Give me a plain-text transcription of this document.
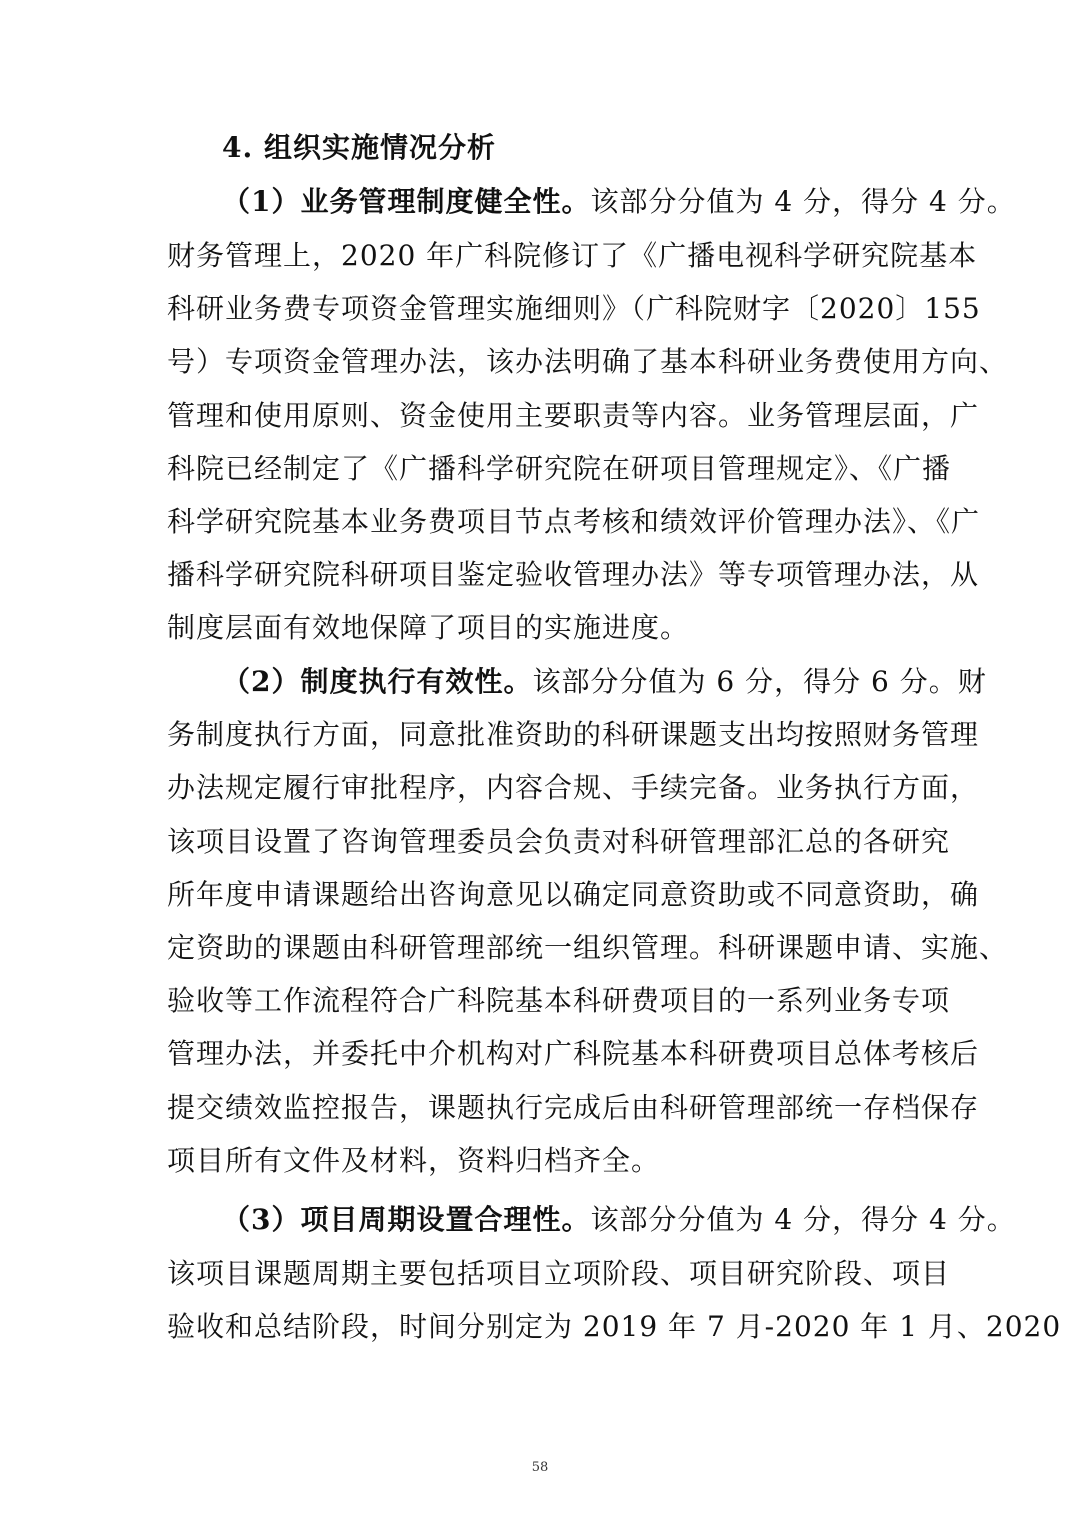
4. 组织实施情况分析
（1）业务管理制度健全性。该部分分值为 4 分，得分 4 分。
财务管理上，2020 年广科院修订了《广播电视科学研究院基本
科研业务费专项资金管理实施细则》（广科院财字〔2020〕155
号）专项资金管理办法，该办法明确了基本科研业务费使用方向、
管理和使用原则、资金使用主要职责等内容。业务管理层面，广
科院已经制定了《广播科学研究院在研项目管理规定》、《广播
科学研究院基本业务费项目节点考核和绩效评价管理办法》、《广
播科学研究院科研项目鉴定验收管理办法》等专项管理办法，从
制度层面有效地保障了项目的实施进度。
（2）制度执行有效性。该部分分值为 6 分，得分 6 分。财
务制度执行方面，同意批准资助的科研课题支出均按照财务管理
办法规定履行审批程序，内容合规、手续完备。业务执行方面，
该项目设置了咨询管理委员会负责对科研管理部汇总的各研究
所年度申请课题给出咨询意见以确定同意资助或不同意资助，确
定资助的课题由科研管理部统一组织管理。科研课题申请、实施、
验收等工作流程符合广科院基本科研费项目的一系列业务专项
管理办法，并委托中介机构对广科院基本科研费项目总体考核后
提交绩效监控报告，课题执行完成后由科研管理部统一存档保存
项目所有文件及材料，资料归档齐全。
（3）项目周期设置合理性。该部分分值为 4 分，得分 4 分。
该项目课题周期主要包括项目立项阶段、项目研究阶段、项目
验收和总结阶段，时间分别定为 2019 年 7 月-2020 年 1 月、2020
58
